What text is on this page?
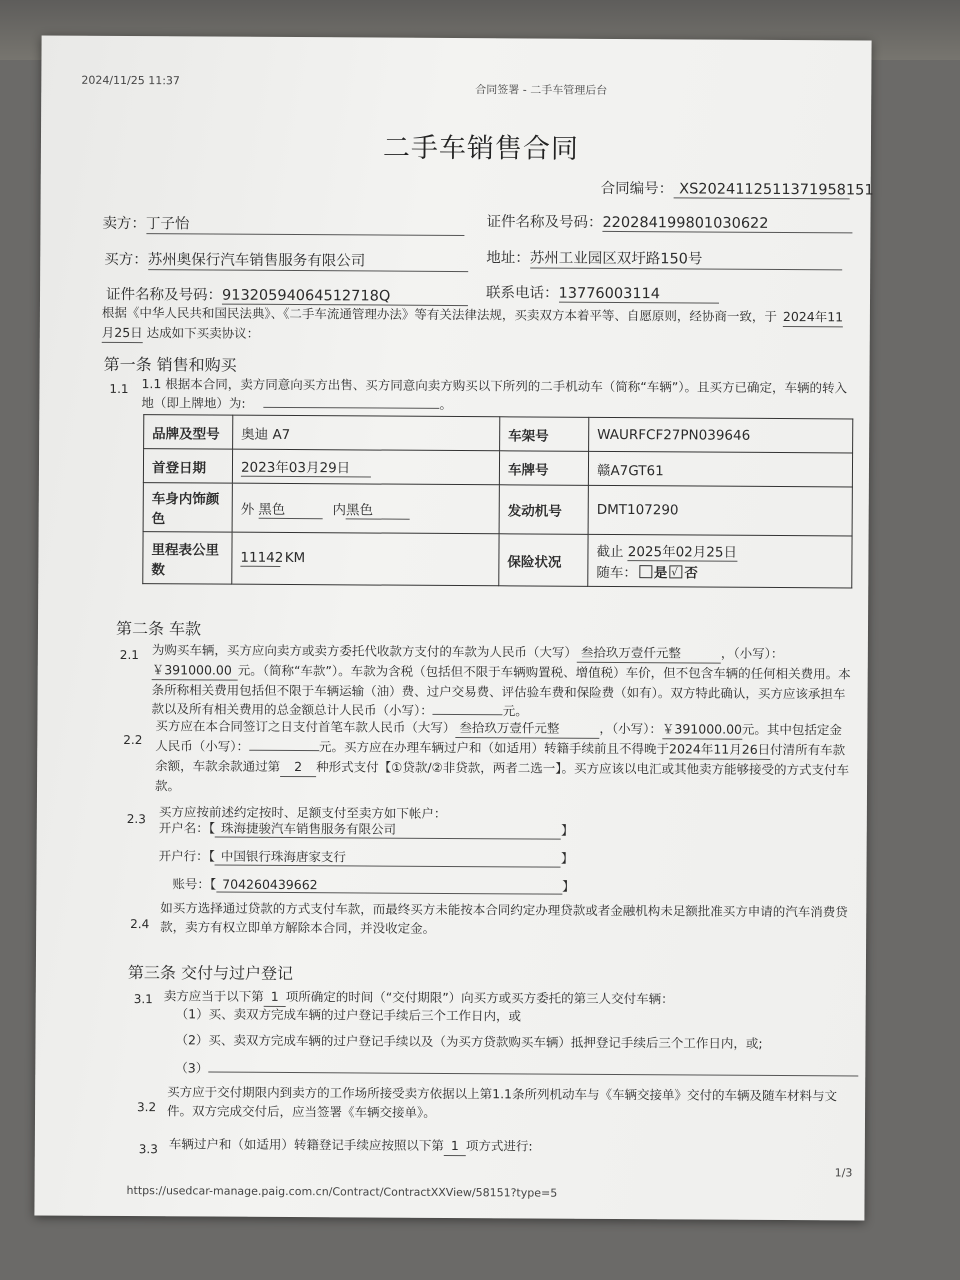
2024/11/25 11:37
合同签署 - 二手车管理后台
二手车销售合同
合同编号： XS2024112511371958151
卖方：丁子怡	证件名称及号码：220284199801030622
买方：苏州奥保行汽车销售服务有限公司	地址：苏州工业园区双圩路150号
证件名称及号码：91320594064512718Q	联系电话：13776003114
根据《中华人民共和国民法典》、《二手车流通管理办法》等有关法律法规，买卖双方本着平等、自愿原则，经协商一致，于 2024年11
月25日 达成如下买卖协议：
第一条 销售和购买
1.1 1.1 根据本合同，卖方同意向买方出售、买方同意向卖方购买以下所列的二手机动车（简称“车辆”）。且买方已确定，车辆的转入
地（即上牌地）为:	。
品牌及型号	奥迪 A7	车架号	WAURFCF27PN039646
首登日期	2023年03月29日	车牌号	赣A7GT61
车身内饰颜色	外 黑色 内黑色	发动机号	DMT107290
里程表公里数	11142 KM	保险状况	截止 2025年02月25日
随车： 是 √ 否
第二条 车款
2.1 为购买车辆，买方应向卖方或卖方委托代收款方支付的车款为人民币（大写） 叁拾玖万壹仟元整	，（小写）： ￥391000.00 元。（简称“车款”）。车款为含税（包括但不限于车辆购置税、增值税）车价，但不包含车辆的任何相关费用。本条所称相关费用包括但不限于车辆运输（油）费、过户交易费、评估验车费和保险费（如有）。双方特此确认，买方应该承担车款以及所有相关费用的总金额总计人民币（小写）：	元。
2.2
买方应在本合同签订之日支付首笔车款人民币（大写） 叁拾玖万壹仟元整	，（小写）：￥391000.00元。其中包括定金人民币（小写）：	元。买方应在办理车辆过户和（如适用）转籍手续前且不得晚于2024年11月26日付清所有车款余额，车款余款通过第 2 种形式支付【①贷款/②非贷款，两者二选一】。买方应该以电汇或其他卖方能够接受的方式支付车款。
2.3 买方应按前述约定按时、足额支付至卖方如下帐户：
开户名：【 珠海捷骏汽车销售服务有限公司	】
开户行：【 中国银行珠海唐家支行	】
账号：【 704260439662	】
2.4
如买方选择通过贷款的方式支付车款，而最终买方未能按本合同约定办理贷款或者金融机构未足额批准买方申请的汽车消费贷款，卖方有权立即单方解除本合同，并没收定金。
第三条 交付与过户登记
3.1 卖方应当于以下第 1 项所确定的时间（“交付期限”）向买方或买方委托的第三人交付车辆：
（1）买、卖双方完成车辆的过户登记手续后三个工作日内，或
（2）买、卖双方完成车辆的过户登记手续以及（为买方贷款购买车辆）抵押登记手续后三个工作日内，或;
（3）
3.2
买方应于交付期限内到卖方的工作场所接受卖方依据以上第1.1条所列机动车与《车辆交接单》交付的车辆及随车材料与文件。双方完成交付后，应当签署《车辆交接单》。
3.3 车辆过户和（如适用）转籍登记手续应按照以下第 1 项方式进行:
1/3
https://usedcar-manage.paig.com.cn/Contract/ContractXXView/58151?type=5
